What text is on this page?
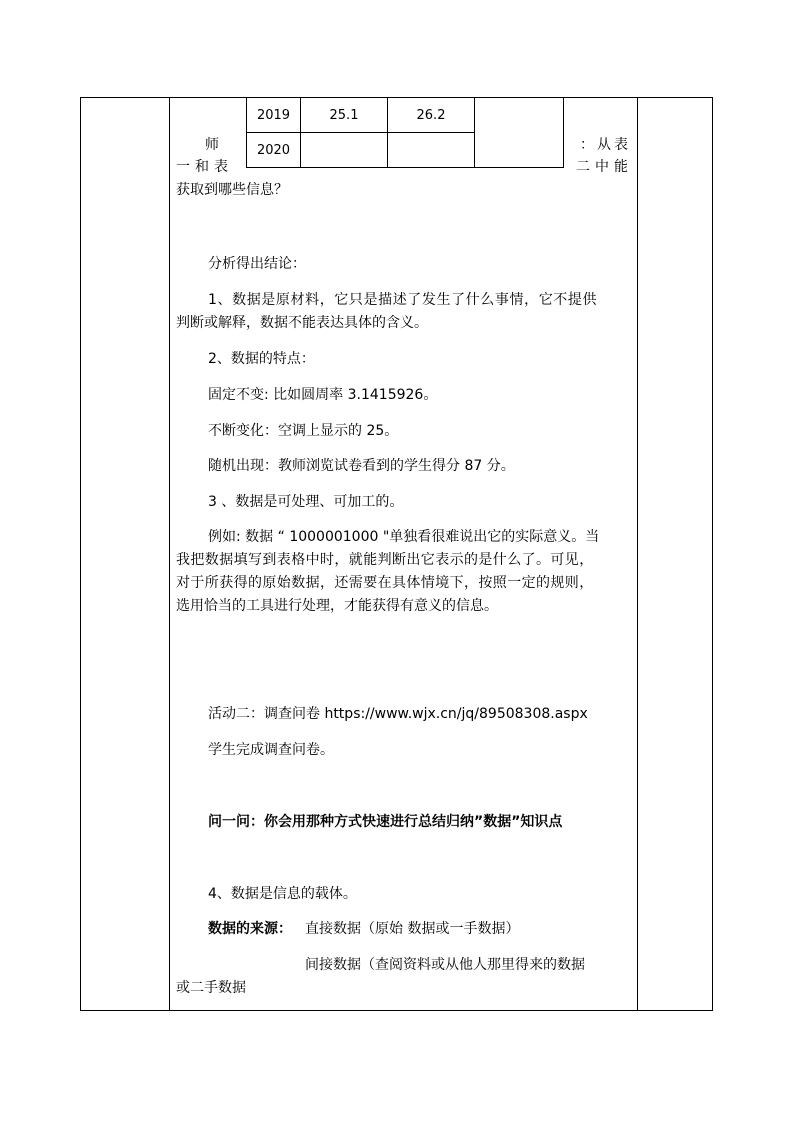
2019	25.1	26.2	
2020			
师
一和表
：从表
二中能
获取到哪些信息？
分析得出结论：
1、数据是原材料，它只是描述了发生了什么事情，它不提供
判断或解释，数据不能表达具体的含义。
2、数据的特点：
固定不变: 比如圆周率 3.1415926。
不断变化：空调上显示的 25。
随机出现：教师浏览试卷看到的学生得分 87 分。
3 、数据是可处理、可加工的。
例如: 数据 “ 1000001000 "单独看很难说出它的实际意义。当
我把数据填写到表格中时，就能判断出它表示的是什么了。可见，
对于所获得的原始数据，还需要在具体情境下，按照一定的规则，
选用恰当的工具进行处理，才能获得有意义的信息。
活动二：调查问卷 https://www.wjx.cn/jq/89508308.aspx
学生完成调查问卷。
问一问：你会用那种方式快速进行总结归纳”数据”知识点
4、数据是信息的载体。
数据的来源： 直接数据（原始 数据或一手数据）
间接数据（查阅资料或从他人那里得来的数据
或二手数据
